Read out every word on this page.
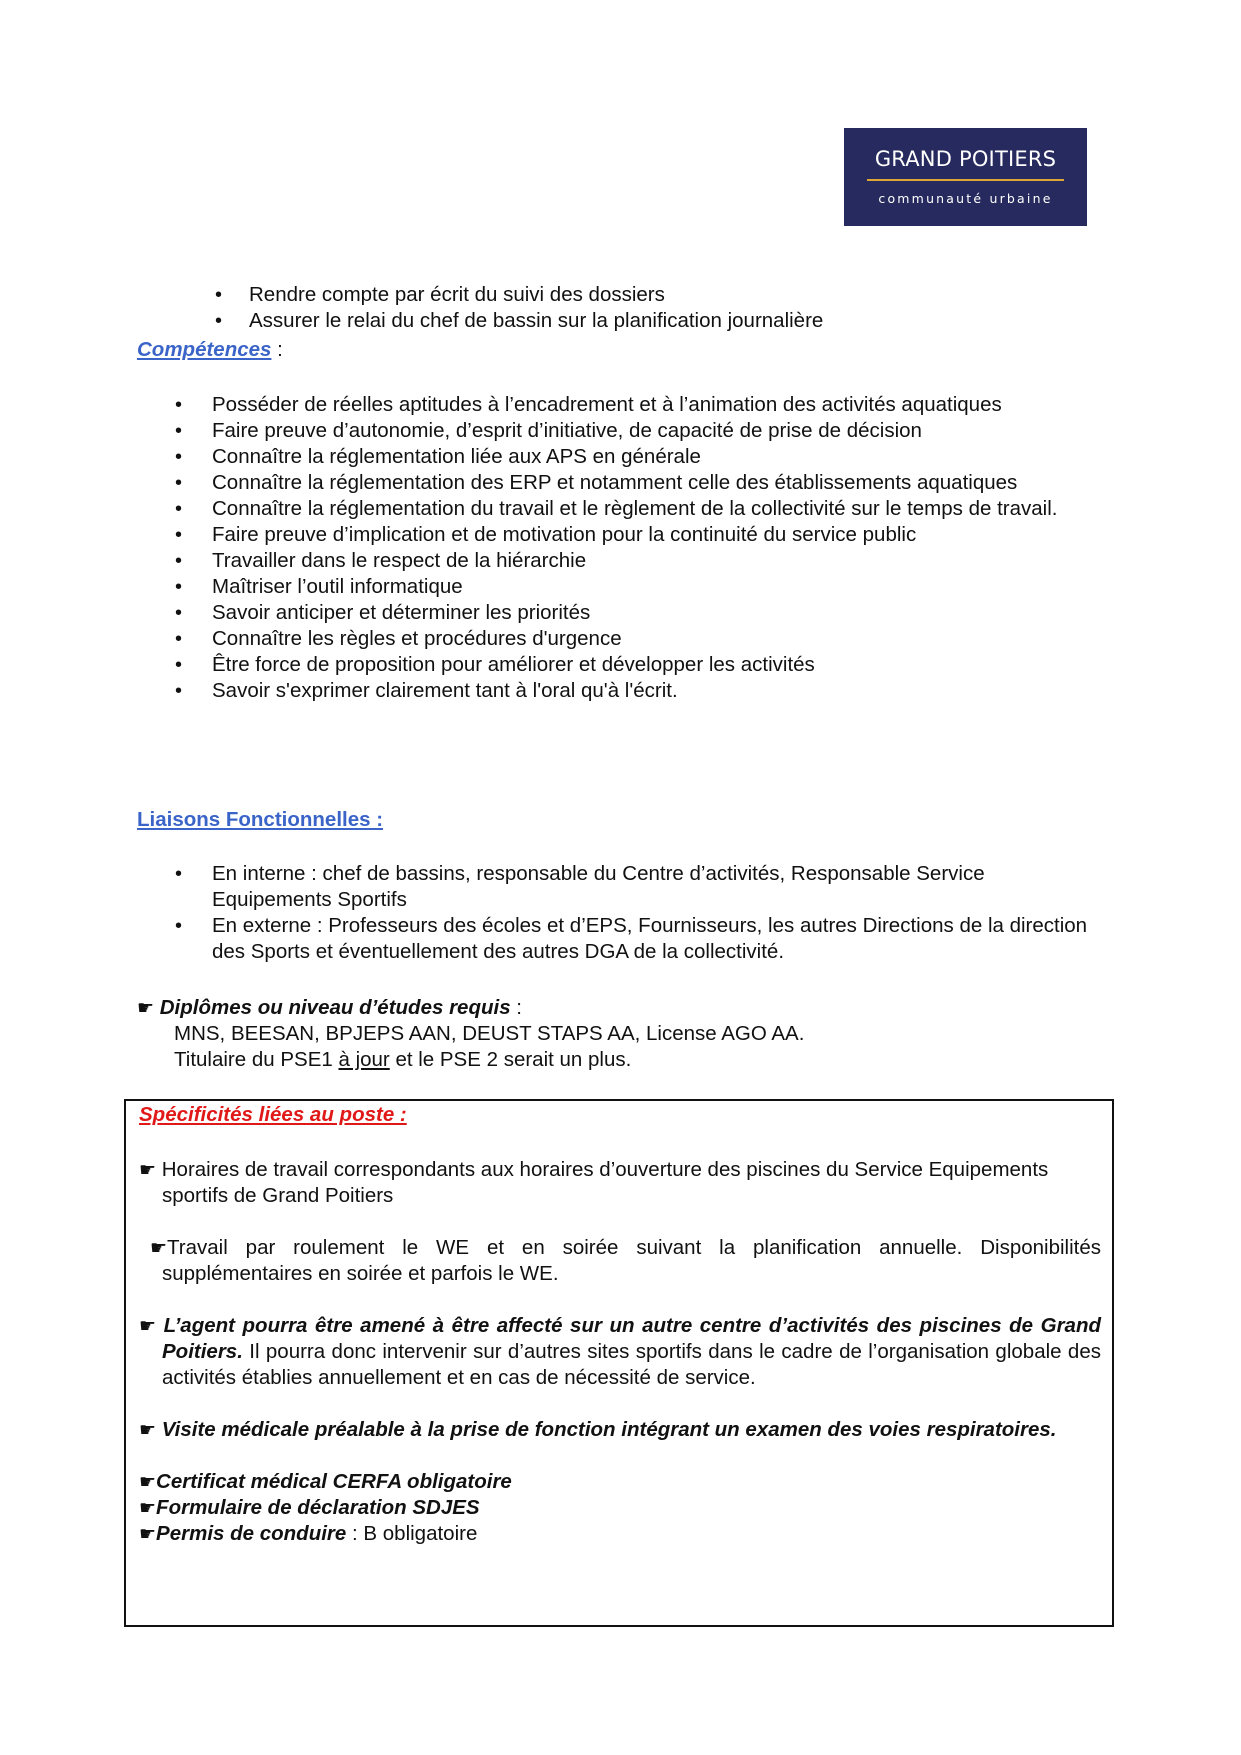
GRAND POITIERS
communauté urbaine
• Rendre compte par écrit du suivi des dossiers
• Assurer le relai du chef de bassin sur la planification journalière
Compétences :
• Posséder de réelles aptitudes à l’encadrement et à l’animation des activités aquatiques
• Faire preuve d’autonomie, d’esprit d’initiative, de capacité de prise de décision
• Connaître la réglementation liée aux APS en générale
• Connaître la réglementation des ERP et notamment celle des établissements aquatiques
• Connaître la réglementation du travail et le règlement de la collectivité sur le temps de travail.
• Faire preuve d’implication et de motivation pour la continuité du service public
• Travailler dans le respect de la hiérarchie
• Maîtriser l’outil informatique
• Savoir anticiper et déterminer les priorités
• Connaître les règles et procédures d'urgence
• Être force de proposition pour améliorer et développer les activités
• Savoir s'exprimer clairement tant à l'oral qu'à l'écrit.
Liaisons Fonctionnelles :
• En interne : chef de bassins, responsable du Centre d’activités, Responsable Service Equipements Sportifs
• En externe : Professeurs des écoles et d’EPS, Fournisseurs, les autres Directions de la direction des Sports et éventuellement des autres DGA de la collectivité.
☛ Diplômes ou niveau d’études requis :
MNS, BEESAN, BPJEPS AAN, DEUST STAPS AA, License AGO AA.
Titulaire du PSE1 à jour et le PSE 2 serait un plus.
Spécificités liées au poste :
☛ Horaires de travail correspondants aux horaires d’ouverture des piscines du Service Equipements sportifs de Grand Poitiers
☛Travail par roulement le WE et en soirée suivant la planification annuelle. Disponibilités supplémentaires en soirée et parfois le WE.
☛ L’agent pourra être amené à être affecté sur un autre centre d’activités des piscines de Grand Poitiers. Il pourra donc intervenir sur d’autres sites sportifs dans le cadre de l’organisation globale des activités établies annuellement et en cas de nécessité de service.
☛ Visite médicale préalable à la prise de fonction intégrant un examen des voies respiratoires.
☛Certificat médical CERFA obligatoire
☛Formulaire de déclaration SDJES
☛Permis de conduire : B obligatoire
